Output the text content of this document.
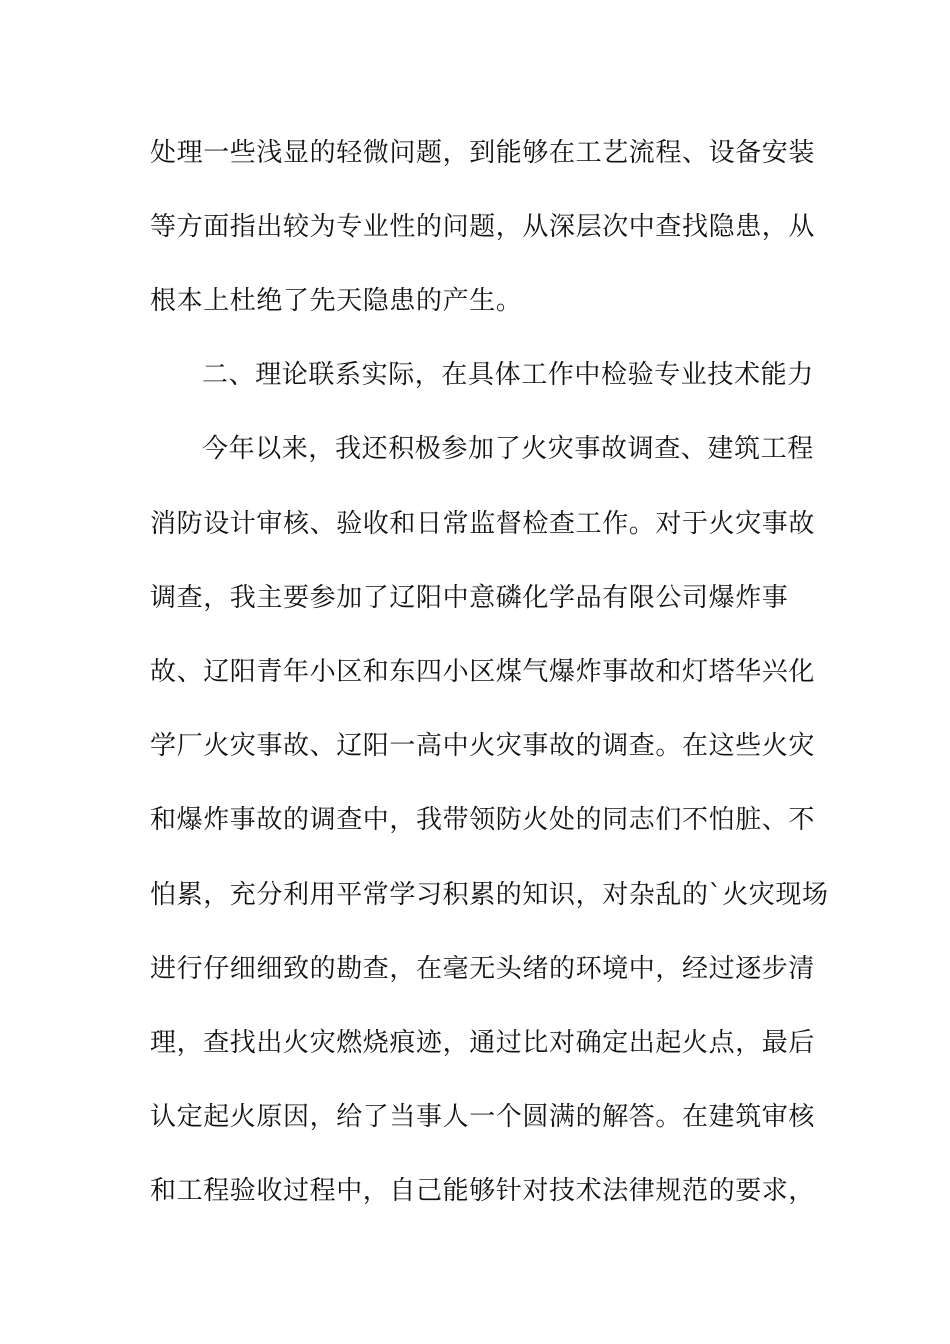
处理一些浅显的轻微问题，到能够在工艺流程、设备安装
等方面指出较为专业性的问题，从深层次中查找隐患，从
根本上杜绝了先天隐患的产生。
二、理论联系实际，在具体工作中检验专业技术能力
今年以来，我还积极参加了火灾事故调查、建筑工程
消防设计审核、验收和日常监督检查工作。对于火灾事故
调查，我主要参加了辽阳中意磷化学品有限公司爆炸事
故、辽阳青年小区和东四小区煤气爆炸事故和灯塔华兴化
学厂火灾事故、辽阳一高中火灾事故的调查。在这些火灾
和爆炸事故的调查中，我带领防火处的同志们不怕脏、不
怕累，充分利用平常学习积累的知识，对杂乱的`火灾现场
进行仔细细致的勘查，在毫无头绪的环境中，经过逐步清
理，查找出火灾燃烧痕迹，通过比对确定出起火点，最后
认定起火原因，给了当事人一个圆满的解答。在建筑审核
和工程验收过程中，自己能够针对技术法律规范的要求，
